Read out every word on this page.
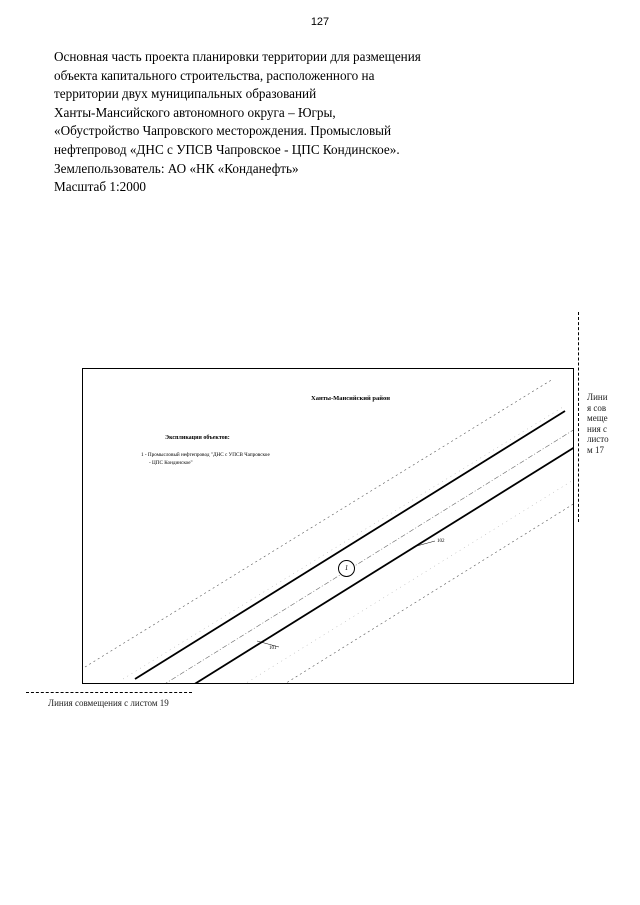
127
Основная часть проекта планировки территории для размещения
объекта капитального строительства, расположенного на
территории двух муниципальных образований
Ханты-Мансийского автономного округа – Югры,
«Обустройство Чапровского месторождения. Промысловый
нефтепровод «ДНС с УПСВ Чапровское - ЦПС Кондинское».
Землепользователь: АО «НК «Конданефть»
Масштаб 1:2000
Ханты-Мансийский район
Экспликация объектов:
1 - Промысловый нефтепровод "ДНС с УПСВ Чапровское
- ЦПС Кондинское"
1
102
101
Линия совмещения с листом 17
Линия совмещения с листом 19
